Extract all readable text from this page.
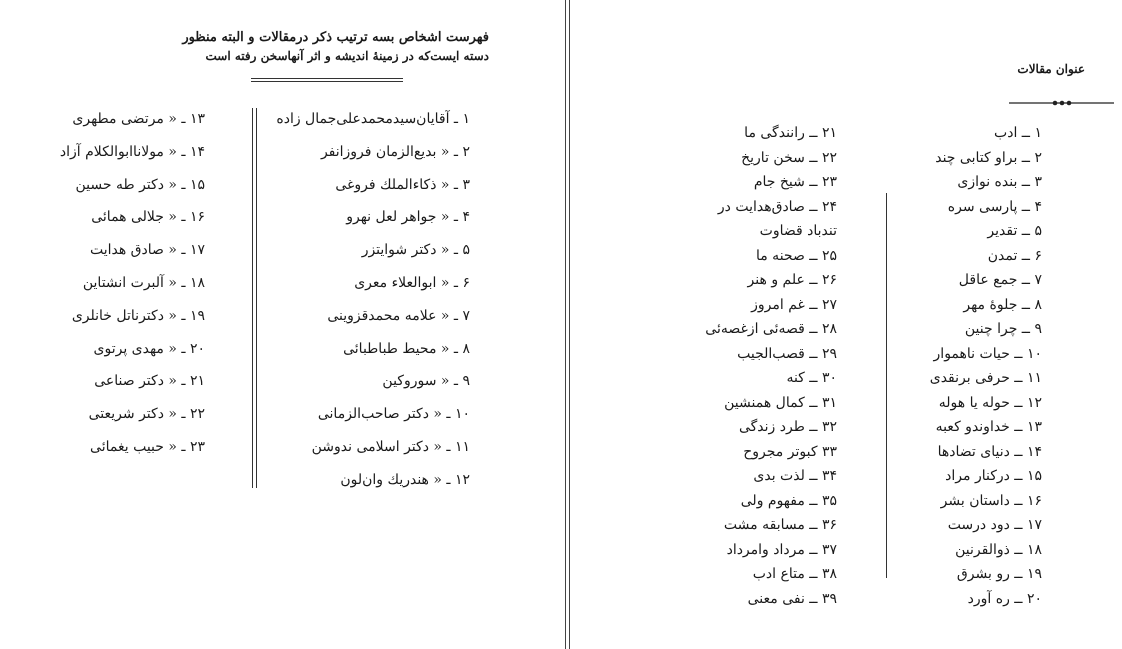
فهرست اشخاص بسه ترتیب ذکر درمقالات و البته منظور
دسته ایست‌که در زمینهٔ اندیشه و اثر آنهاسخن رفته است
۱ ـ آقایان‌سیدمحمدعلی‌جمال زاده
۲ ـ « بدیع‌الزمان فروزانفر
۳ ـ « ذکاءالملك فروغی
۴ ـ « جواهر لعل نهرو
۵ ـ « دکتر شوایتزر
۶ ـ « ابوالعلاء معری
۷ ـ « علامه محمدقزوینی
۸ ـ « محیط طباطبائی
۹ ـ « سوروکین
۱۰ ـ « دکتر صاحب‌الزمانی
۱۱ ـ « دکتر اسلامی ندوشن
۱۲ ـ « هندریك وان‌لون
۱۳ ـ « مرتضی مطهری
۱۴ ـ « مولاناابوالکلام آزاد
۱۵ ـ « دکتر طه حسین
۱۶ ـ « جلالی همائی
۱۷ ـ « صادق هدایت
۱۸ ـ « آلبرت انشتاین
۱۹ ـ « دکترناتل خانلری
۲۰ ـ « مهدی پرتوی
۲۱ ـ « دکتر صناعی
۲۲ ـ « دکتر شریعتی
۲۳ ـ « حبیب یغمائی
عنوان مقالات
۱ ــ ادب
۲ ــ براو کتابی چند
۳ ــ بنده نوازی
۴ ــ پارسی سره
۵ ــ تقدیر
۶ ــ تمدن
۷ ــ جمع عاقل
۸ ــ جلوهٔ مهر
۹ ــ چرا چنین
۱۰ ــ حیات ناهموار
۱۱ ــ حرفی برنقدی
۱۲ ــ حوله یا هوله
۱۳ ــ خداوندو کعبه
۱۴ ــ دنیای تضادها
۱۵ ــ درکنار مراد
۱۶ ــ داستان بشر
۱۷ ــ دود درست
۱۸ ــ ذوالقرنین
۱۹ ــ رو بشرق
۲۰ ــ ره آورد
۲۱ ــ رانندگی ما
۲۲ ــ سخن تاریخ
۲۳ ــ شیخ جام
۲۴ ــ صادق‌هدایت در
تندباد قضاوت
۲۵ ــ صحنه ما
۲۶ ــ علم و هنر
۲۷ ــ غم امروز
۲۸ ــ قصه‌ئی ازغصه‌ئی
۲۹ ــ قصب‌الجیب
۳۰ ــ کنه
۳۱ ــ کمال همنشین
۳۲ ــ طرد زندگی
۳۳ کبوتر مجروح
۳۴ ــ لذت بدی
۳۵ ــ مفهوم ولی
۳۶ ــ مسابقه مشت
۳۷ ــ مرداد وامرداد
۳۸ ــ متاع ادب
۳۹ ــ نفی معنی
